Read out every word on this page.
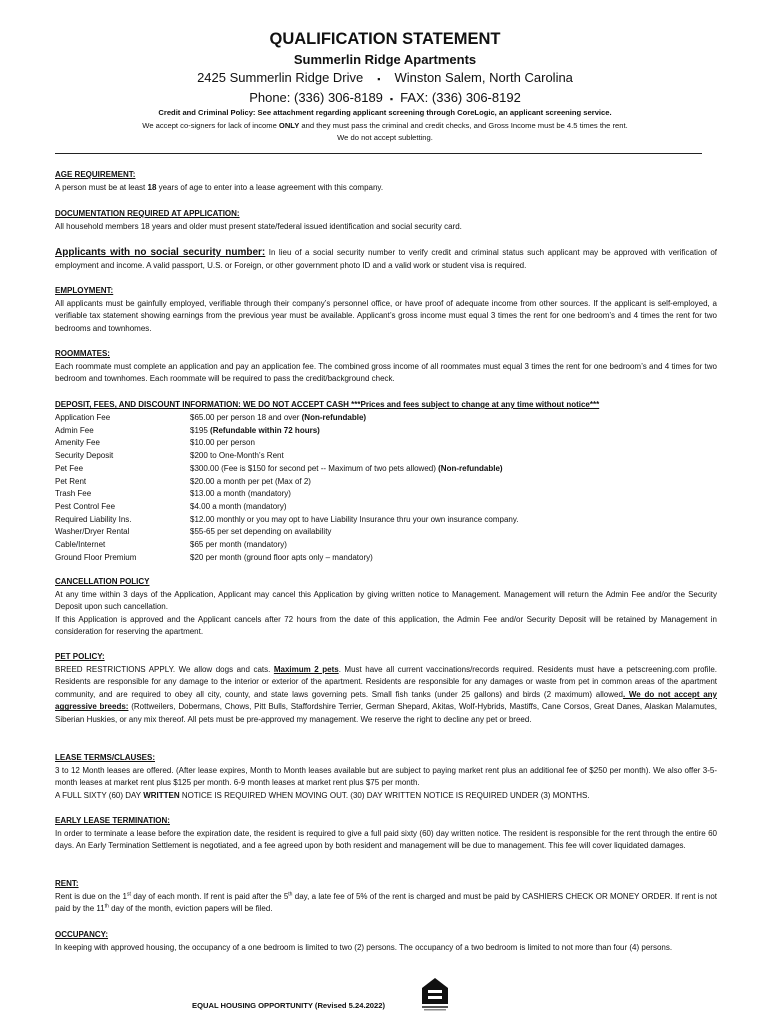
QUALIFICATION STATEMENT
Summerlin Ridge Apartments
2425 Summerlin Ridge Drive ▪ Winston Salem, North Carolina
Phone: (336) 306-8189 ▪ FAX: (336) 306-8192
Credit and Criminal Policy: See attachment regarding applicant screening through CoreLogic, an applicant screening service.
We accept co-signers for lack of income ONLY and they must pass the criminal and credit checks, and Gross Income must be 4.5 times the rent.
We do not accept subletting.
AGE REQUIREMENT:

A person must be at least 18 years of age to enter into a lease agreement with this company.

DOCUMENTATION REQUIRED AT APPLICATION:

All household members 18 years and older must present state/federal issued identification and social security card.

Applicants with no social security number: In lieu of a social security number to verify credit and criminal status such applicant may be approved with verification of employment and income. A valid passport, U.S. or Foreign, or other government photo ID and a valid work or student visa is required.

EMPLOYMENT:

All applicants must be gainfully employed, verifiable through their company’s personnel office, or have proof of adequate income from other sources. If the applicant is self-employed, a verifiable tax statement showing earnings from the previous year must be available. Applicant’s gross income must equal 3 times the rent for one bedroom’s and 4 times the rent for two bedrooms and townhomes.

ROOMMATES:

Each roommate must complete an application and pay an application fee. The combined gross income of all roommates must equal 3 times the rent for one bedroom’s and 4 times for two bedroom and townhomes. Each roommate will be required to pass the credit/background check.

DEPOSIT, FEES, AND DISCOUNT INFORMATION: WE DO NOT ACCEPT CASH ***Prices and fees subject to change at any time without notice***
Application Fee	$65.00 per person 18 and over (Non-refundable)
Admin Fee	$195 (Refundable within 72 hours)
Amenity Fee	$10.00 per person
Security Deposit	$200 to One-Month’s Rent
Pet Fee	$300.00 (Fee is $150 for second pet -- Maximum of two pets allowed) (Non-refundable)
Pet Rent	$20.00 a month per pet (Max of 2)
Trash Fee	$13.00 a month (mandatory)
Pest Control Fee	$4.00 a month (mandatory)
Required Liability Ins.	$12.00 monthly or you may opt to have Liability Insurance thru your own insurance company.
Washer/Dryer Rental	$55-65 per set depending on availability
Cable/Internet	$65 per month (mandatory)
Ground Floor Premium	$20 per month (ground floor apts only – mandatory)
CANCELLATION POLICY

At any time within 3 days of the Application, Applicant may cancel this Application by giving written notice to Management. Management will return the Admin Fee and/or the Security Deposit upon such cancellation.

If this Application is approved and the Applicant cancels after 72 hours from the date of this application, the Admin Fee and/or Security Deposit will be retained by Management in consideration for reserving the apartment.

PET POLICY:

BREED RESTRICTIONS APPLY. We allow dogs and cats. Maximum 2 pets. Must have all current vaccinations/records required. Residents must have a petscreening.com profile. Residents are responsible for any damage to the interior or exterior of the apartment. Residents are responsible for any damages or waste from pet in common areas of the apartment community, and are required to obey all city, county, and state laws governing pets. Small fish tanks (under 25 gallons) and birds (2 maximum) allowed. We do not accept any aggressive breeds: (Rottweilers, Dobermans, Chows, Pitt Bulls, Staffordshire Terrier, German Shepard, Akitas, Wolf-Hybrids, Mastiffs, Cane Corsos, Great Danes, Alaskan Malamutes, Siberian Huskies, or any mix thereof. All pets must be pre-approved my management. We reserve the right to decline any pet or breed.

LEASE TERMS/CLAUSES:

3 to 12 Month leases are offered. (After lease expires, Month to Month leases available but are subject to paying market rent plus an additional fee of $250 per month). We also offer 3-5-month leases at market rent plus $125 per month. 6-9 month leases at market rent plus $75 per month.

A FULL SIXTY (60) DAY WRITTEN NOTICE IS REQUIRED WHEN MOVING OUT. (30) DAY WRITTEN NOTICE IS REQUIRED UNDER (3) MONTHS.

EARLY LEASE TERMINATION:

In order to terminate a lease before the expiration date, the resident is required to give a full paid sixty (60) day written notice. The resident is responsible for the rent through the entire 60 days. An Early Termination Settlement is negotiated, and a fee agreed upon by both resident and management will be due to management. This fee will cover liquidated damages.

RENT:

Rent is due on the 1st day of each month. If rent is paid after the 5th day, a late fee of 5% of the rent is charged and must be paid by CASHIERS CHECK OR MONEY ORDER. If rent is not paid by the 11th day of the month, eviction papers will be filed.

OCCUPANCY:

In keeping with approved housing, the occupancy of a one bedroom is limited to two (2) persons. The occupancy of a two bedroom is limited to not more than four (4) persons.

EQUAL HOUSING OPPORTUNITY (Revised 5.24.2022)
